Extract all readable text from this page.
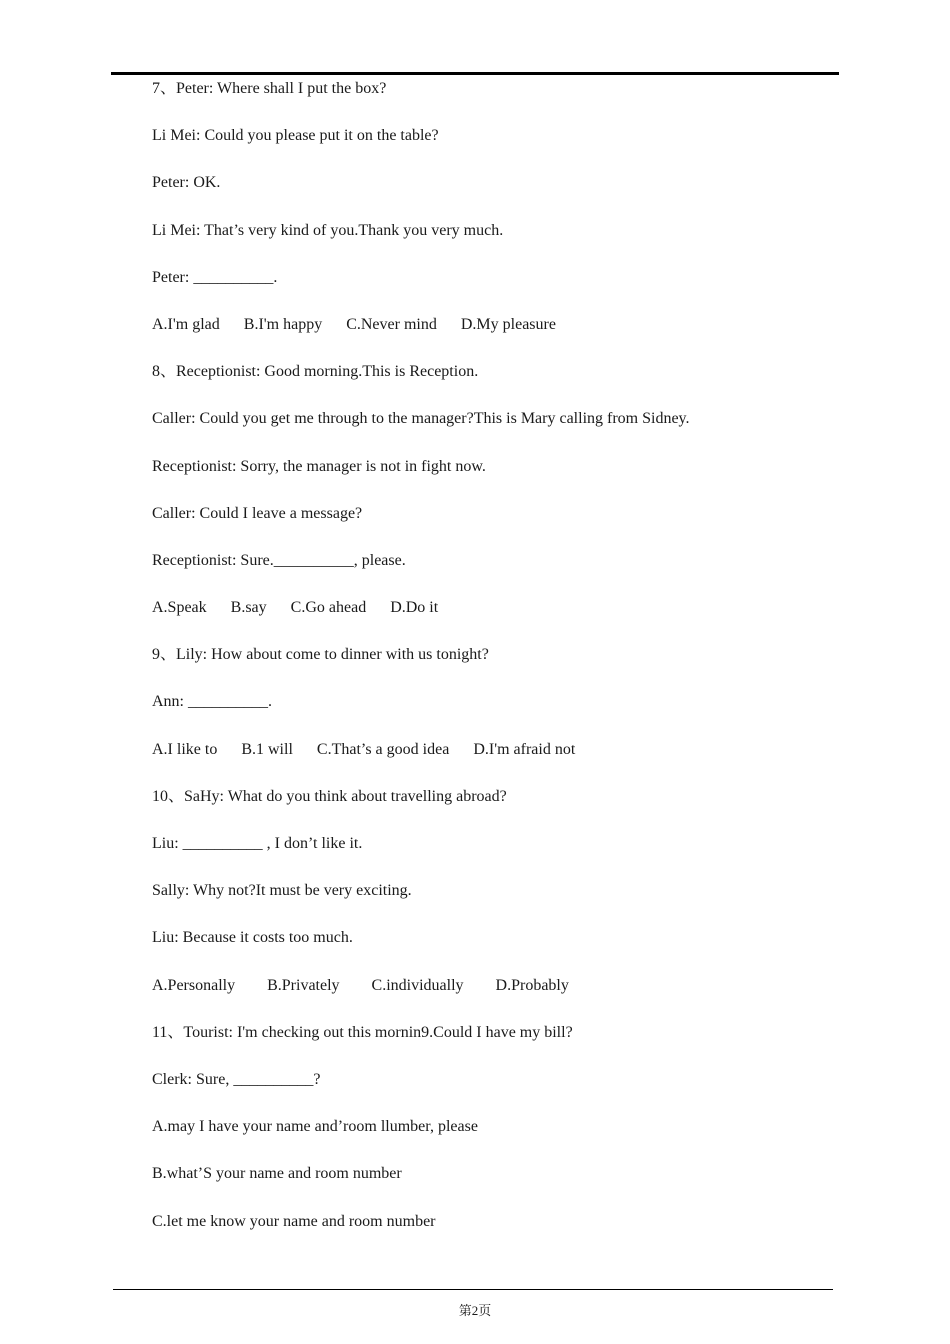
7、Peter: Where shall I put the box?
Li Mei: Could you please put it on the table?
Peter: OK.
Li Mei: That’s very kind of you.Thank you very much.
Peter: __________.
A.I'm glad B.I'm happy C.Never mind D.My pleasure
8、Receptionist: Good morning.This is Reception.
Caller: Could you get me through to the manager?This is Mary calling from Sidney.
Receptionist: Sorry, the manager is not in fight now.
Caller: Could I leave a message?
Receptionist: Sure.__________, please.
A.Speak B.say C.Go ahead D.Do it
9、Lily: How about come to dinner with us tonight?
Ann: __________.
A.I like to B.1 will C.That’s a good idea D.I'm afraid not
10、SaHy: What do you think about travelling abroad?
Liu: __________ , I don’t like it.
Sally: Why not?It must be very exciting.
Liu: Because it costs too much.
A.Personally B.Privately C.individually D.Probably
11、Tourist: I'm checking out this mornin9.Could I have my bill?
Clerk: Sure, __________?
A.may I have your name and’room llumber, please
B.what’S your name and room number
C.let me know your name and room number
第2页
